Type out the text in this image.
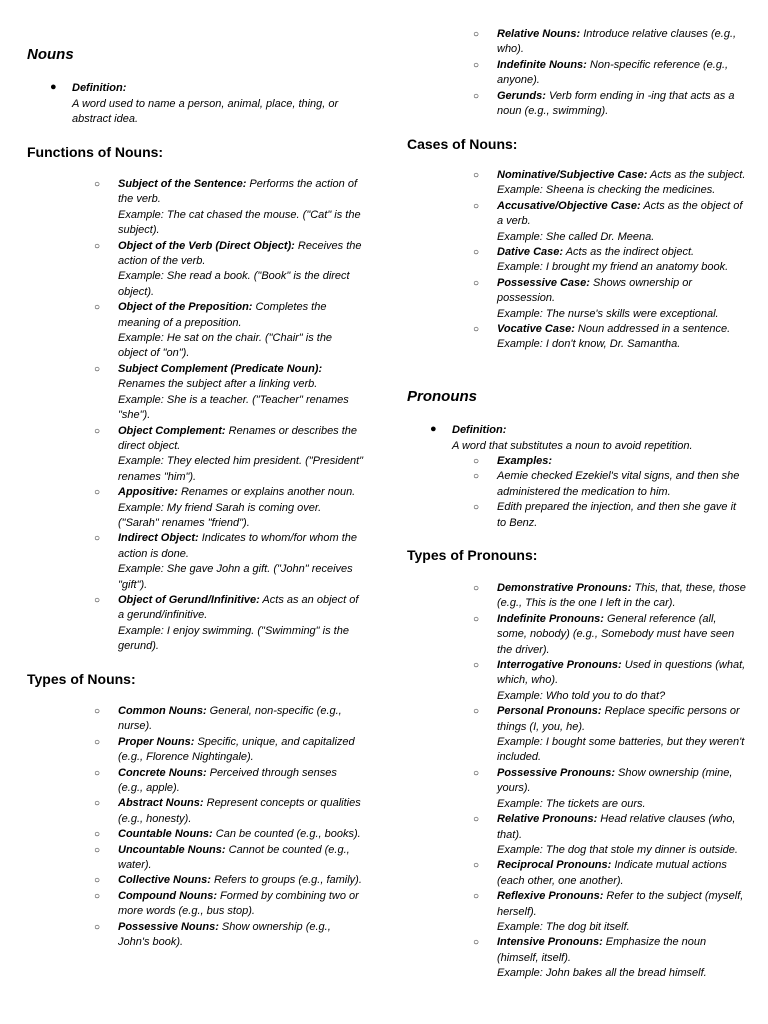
Nouns
● Definition:
A word used to name a person, animal, place, thing, or abstract idea.
Functions of Nouns:
○ Subject of the Sentence: Performs the action of the verb.
Example: The cat chased the mouse. ("Cat" is the subject).
○ Object of the Verb (Direct Object): Receives the action of the verb.
Example: She read a book. ("Book" is the direct object).
○ Object of the Preposition: Completes the meaning of a preposition.
Example: He sat on the chair. ("Chair" is the object of "on").
○ Subject Complement (Predicate Noun): Renames the subject after a linking verb.
Example: She is a teacher. ("Teacher" renames "she").
○ Object Complement: Renames or describes the direct object.
Example: They elected him president. ("President" renames "him").
○ Appositive: Renames or explains another noun.
Example: My friend Sarah is coming over. ("Sarah" renames "friend").
○ Indirect Object: Indicates to whom/for whom the action is done.
Example: She gave John a gift. ("John" receives "gift").
○ Object of Gerund/Infinitive: Acts as an object of a gerund/infinitive.
Example: I enjoy swimming. ("Swimming" is the gerund).
Types of Nouns:
○ Common Nouns: General, non-specific (e.g., nurse).
○ Proper Nouns: Specific, unique, and capitalized (e.g., Florence Nightingale).
○ Concrete Nouns: Perceived through senses (e.g., apple).
○ Abstract Nouns: Represent concepts or qualities (e.g., honesty).
○ Countable Nouns: Can be counted (e.g., books).
○ Uncountable Nouns: Cannot be counted (e.g., water).
○ Collective Nouns: Refers to groups (e.g., family).
○ Compound Nouns: Formed by combining two or more words (e.g., bus stop).
○ Possessive Nouns: Show ownership (e.g., John's book).
○ Relative Nouns: Introduce relative clauses (e.g., who).
○ Indefinite Nouns: Non-specific reference (e.g., anyone).
○ Gerunds: Verb form ending in -ing that acts as a noun (e.g., swimming).
Cases of Nouns:
○ Nominative/Subjective Case: Acts as the subject.
Example: Sheena is checking the medicines.
○ Accusative/Objective Case: Acts as the object of a verb.
Example: She called Dr. Meena.
○ Dative Case: Acts as the indirect object.
Example: I brought my friend an anatomy book.
○ Possessive Case: Shows ownership or possession.
Example: The nurse's skills were exceptional.
○ Vocative Case: Noun addressed in a sentence.
Example: I don't know, Dr. Samantha.
Pronouns
● Definition:
A word that substitutes a noun to avoid repetition.
○ Examples:
○ Aemie checked Ezekiel's vital signs, and then she administered the medication to him.
○ Edith prepared the injection, and then she gave it to Benz.
Types of Pronouns:
○ Demonstrative Pronouns: This, that, these, those (e.g., This is the one I left in the car).
○ Indefinite Pronouns: General reference (all, some, nobody) (e.g., Somebody must have seen the driver).
○ Interrogative Pronouns: Used in questions (what, which, who).
Example: Who told you to do that?
○ Personal Pronouns: Replace specific persons or things (I, you, he).
Example: I bought some batteries, but they weren't included.
○ Possessive Pronouns: Show ownership (mine, yours).
Example: The tickets are ours.
○ Relative Pronouns: Head relative clauses (who, that).
Example: The dog that stole my dinner is outside.
○ Reciprocal Pronouns: Indicate mutual actions (each other, one another).
○ Reflexive Pronouns: Refer to the subject (myself, herself).
Example: The dog bit itself.
○ Intensive Pronouns: Emphasize the noun (himself, itself).
Example: John bakes all the bread himself.
